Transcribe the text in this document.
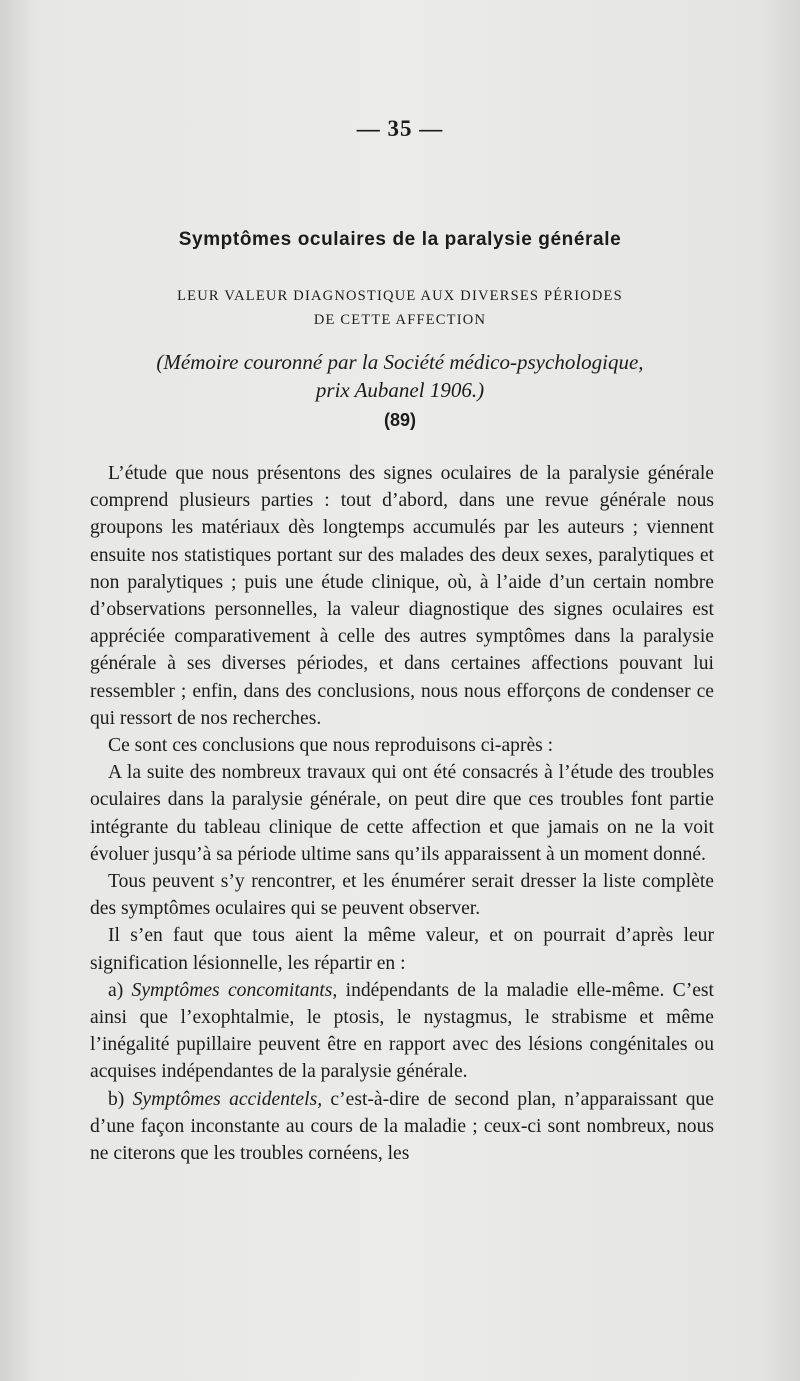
— 35 —
Symptômes oculaires de la paralysie générale
LEUR VALEUR DIAGNOSTIQUE AUX DIVERSES PÉRIODES
DE CETTE AFFECTION
(Mémoire couronné par la Société médico-psychologique,
prix Aubanel 1906.)
(89)

L’étude que nous présentons des signes oculaires de la paralysie générale comprend plusieurs parties : tout d’abord, dans une revue générale nous groupons les matériaux dès longtemps accumulés par les auteurs ; viennent ensuite nos statistiques portant sur des malades des deux sexes, paralytiques et non paralytiques ; puis une étude clinique, où, à l’aide d’un certain nombre d’observations personnelles, la valeur diagnostique des signes oculaires est appréciée comparativement à celle des autres symptômes dans la paralysie générale à ses diverses périodes, et dans certaines affections pouvant lui ressembler ; enfin, dans des conclusions, nous nous efforçons de condenser ce qui ressort de nos recherches.

Ce sont ces conclusions que nous reproduisons ci-après :

A la suite des nombreux travaux qui ont été consacrés à l’étude des troubles oculaires dans la paralysie générale, on peut dire que ces troubles font partie intégrante du tableau clinique de cette affection et que jamais on ne la voit évoluer jusqu’à sa période ultime sans qu’ils apparaissent à un moment donné.

Tous peuvent s’y rencontrer, et les énumérer serait dresser la liste complète des symptômes oculaires qui se peuvent observer.

Il s’en faut que tous aient la même valeur, et on pourrait d’après leur signification lésionnelle, les répartir en :

a) Symptômes concomitants, indépendants de la maladie elle-même. C’est ainsi que l’exophtalmie, le ptosis, le nystagmus, le strabisme et même l’inégalité pupillaire peuvent être en rapport avec des lésions congénitales ou acquises indépendantes de la paralysie générale.

b) Symptômes accidentels, c’est-à-dire de second plan, n’apparaissant que d’une façon inconstante au cours de la maladie ; ceux-ci sont nombreux, nous ne citerons que les troubles cornéens, les
